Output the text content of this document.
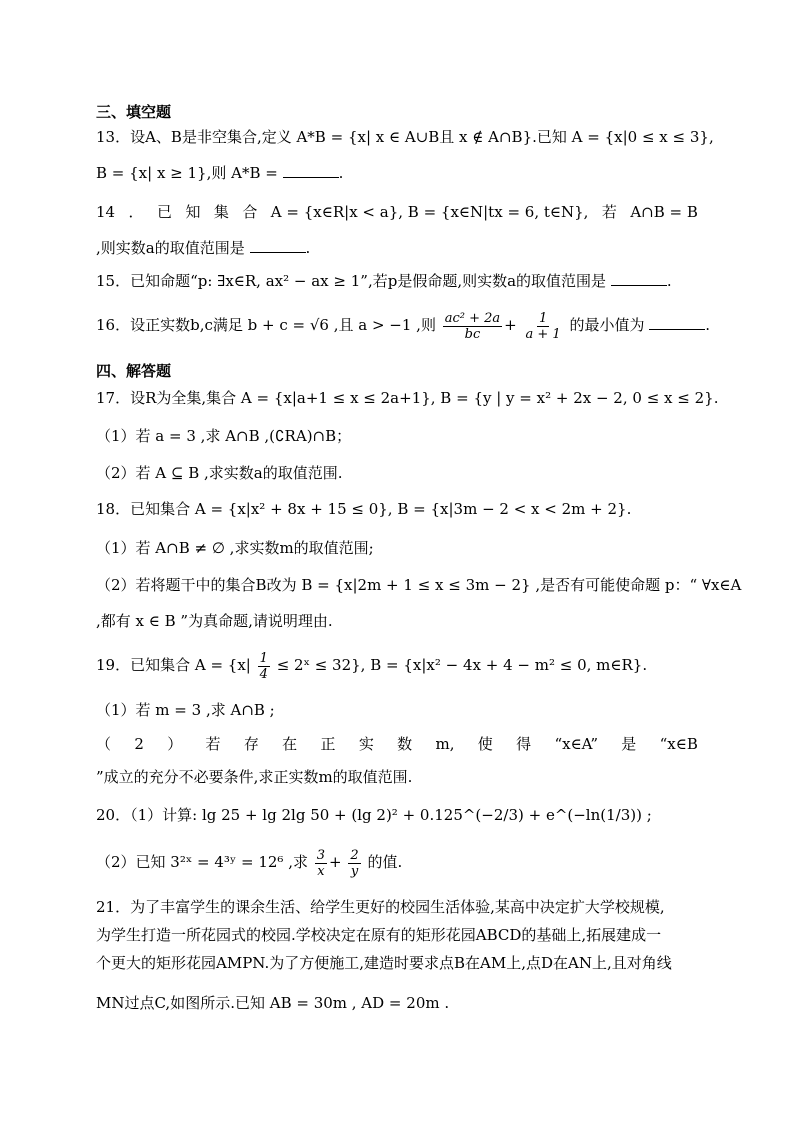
三、填空题
13．设A、B是非空集合,定义 A*B = {x| x ∈ A∪B且 x ∉ A∩B}.已知 A = {x|0 ≤ x ≤ 3},
B = {x| x ≥ 1},则 A*B =	.
14 ． 已 知 集 合 A = {x∈R|x < a}, B = {x∈N|tx = 6, t∈N}, 若 A∩B = B
,则实数a的取值范围是	.
15．已知命题“p: ∃x∈R, ax² − ax ≥ 1”,若p是假命题,则实数a的取值范围是	.
16．设正实数b,c满足 b + c = √6 ,且 a > −1 ,则 $\frac{\text{ac² + 2a}}{bc} + \frac{1}{a + 1}$ 的最小值为	.
四、解答题
17．设R为全集,集合 A = {x|a+1 ≤ x ≤ 2a+1}, B = {y | y = x² + 2x − 2, 0 ≤ x ≤ 2}.
（1）若 a = 3 ,求 A∩B ,(∁RA)∩B；
（2）若 A ⊆ B ,求实数a的取值范围.
18．已知集合 A = {x|x² + 8x + 15 ≤ 0}, B = {x|3m − 2 < x < 2m + 2}.
（1）若 A∩B ≠ ∅ ,求实数m的取值范围;
（2）若将题干中的集合B改为 B = {x|2m + 1 ≤ x ≤ 3m − 2} ,是否有可能使命题 p：“ ∀x∈A
,都有 x ∈ B ”为真命题,请说明理由.
19．已知集合 $A = \{x| \frac{1}{4}$ ≤ 2ˣ ≤ 32}, B = {x|x² − 4x + 4 − m² ≤ 0, m∈R}.
（1）若 m = 3 ,求 A∩B ;
（ 2 ） 若 存 在 正 实 数 m, 使 得 “x∈A” 是 “x∈B
”成立的充分不必要条件,求正实数m的取值范围.
20．（1）计算: lg 25 + lg 2lg 50 + (lg 2)² + 0.125^(−2/3) + e^(−ln(1/3)) ;
（2）已知 3²ˣ = 4³ʸ = 12⁶ ,求 $\frac{3}{x} + \frac{2}{y}$ 的值.
21．为了丰富学生的课余生活、给学生更好的校园生活体验,某高中决定扩大学校规模,
为学生打造一所花园式的校园.学校决定在原有的矩形花园ABCD的基础上,拓展建成一
个更大的矩形花园AMPN.为了方便施工,建造时要求点B在AM上,点D在AN上,且对角线
MN过点C,如图所示.已知 AB = 30m , AD = 20m .
